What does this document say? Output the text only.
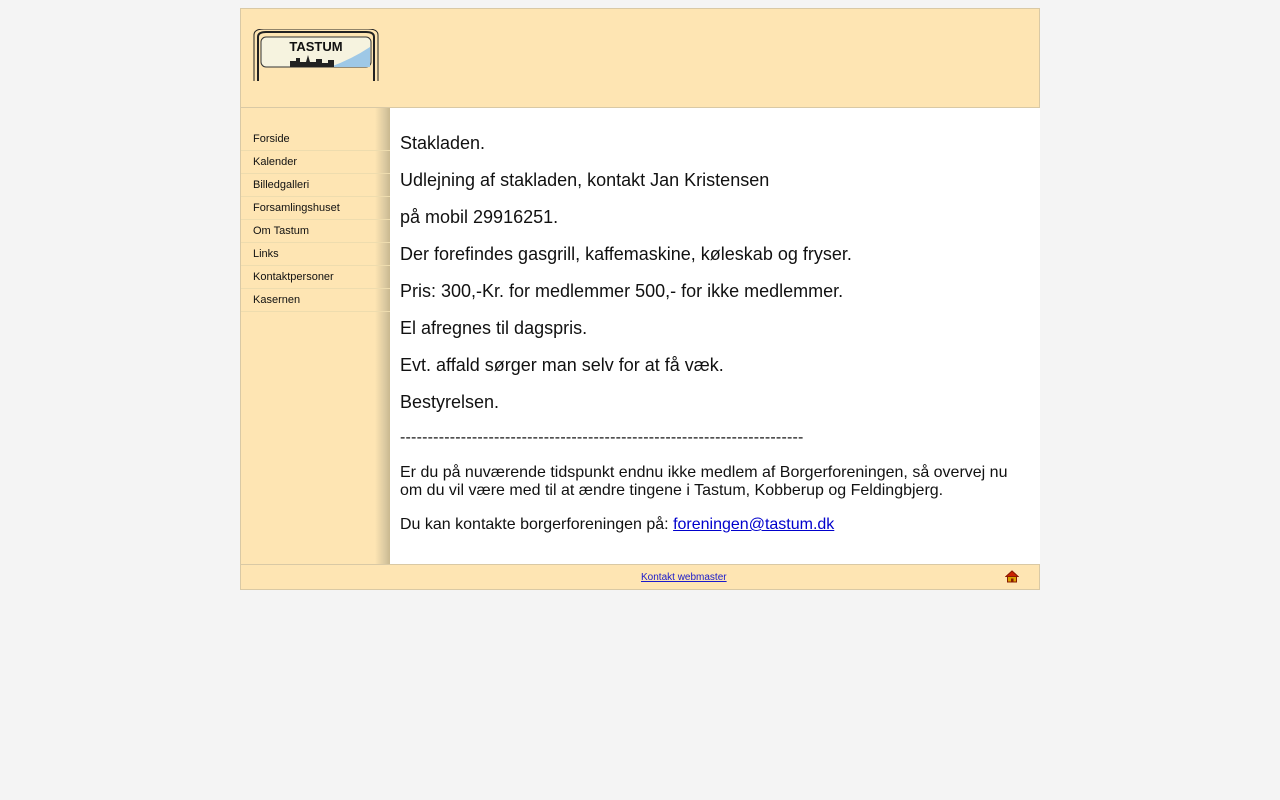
TASTUM
Forside
Kalender
Billedgalleri
Forsamlingshuset
Om Tastum
Links
Kontaktpersoner
Kasernen

Stakladen.

Udlejning af stakladen, kontakt Jan Kristensen

på mobil 29916251.

Der forefindes gasgrill, kaffemaskine, køleskab og fryser.

Pris: 300,-Kr. for medlemmer 500,- for ikke medlemmer.

El afregnes til dagspris.

Evt. affald sørger man selv for at få væk.

Bestyrelsen.

-------------------------------------------------------------------------

Er du på nuværende tidspunkt endnu ikke medlem af Borgerforeningen, så overvej nu om du vil være med til at ændre tingene i Tastum, Kobberup og Feldingbjerg.

Du kan kontakte borgerforeningen på: foreningen@tastum.dk

Kontakt webmaster
